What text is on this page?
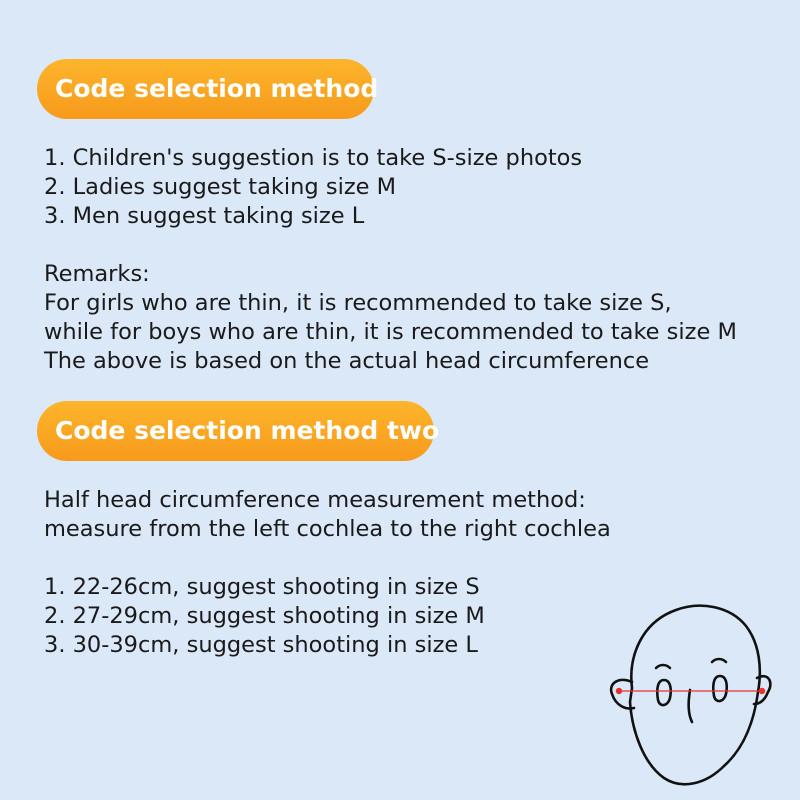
Code selection method
1. Children's suggestion is to take S-size photos
2. Ladies suggest taking size M
3. Men suggest taking size L
Remarks:
For girls who are thin, it is recommended to take size S,
while for boys who are thin, it is recommended to take size M
The above is based on the actual head circumference
Code selection method two
Half head circumference measurement method:
measure from the left cochlea to the right cochlea
1. 22-26cm, suggest shooting in size S
2. 27-29cm, suggest shooting in size M
3. 30-39cm, suggest shooting in size L
